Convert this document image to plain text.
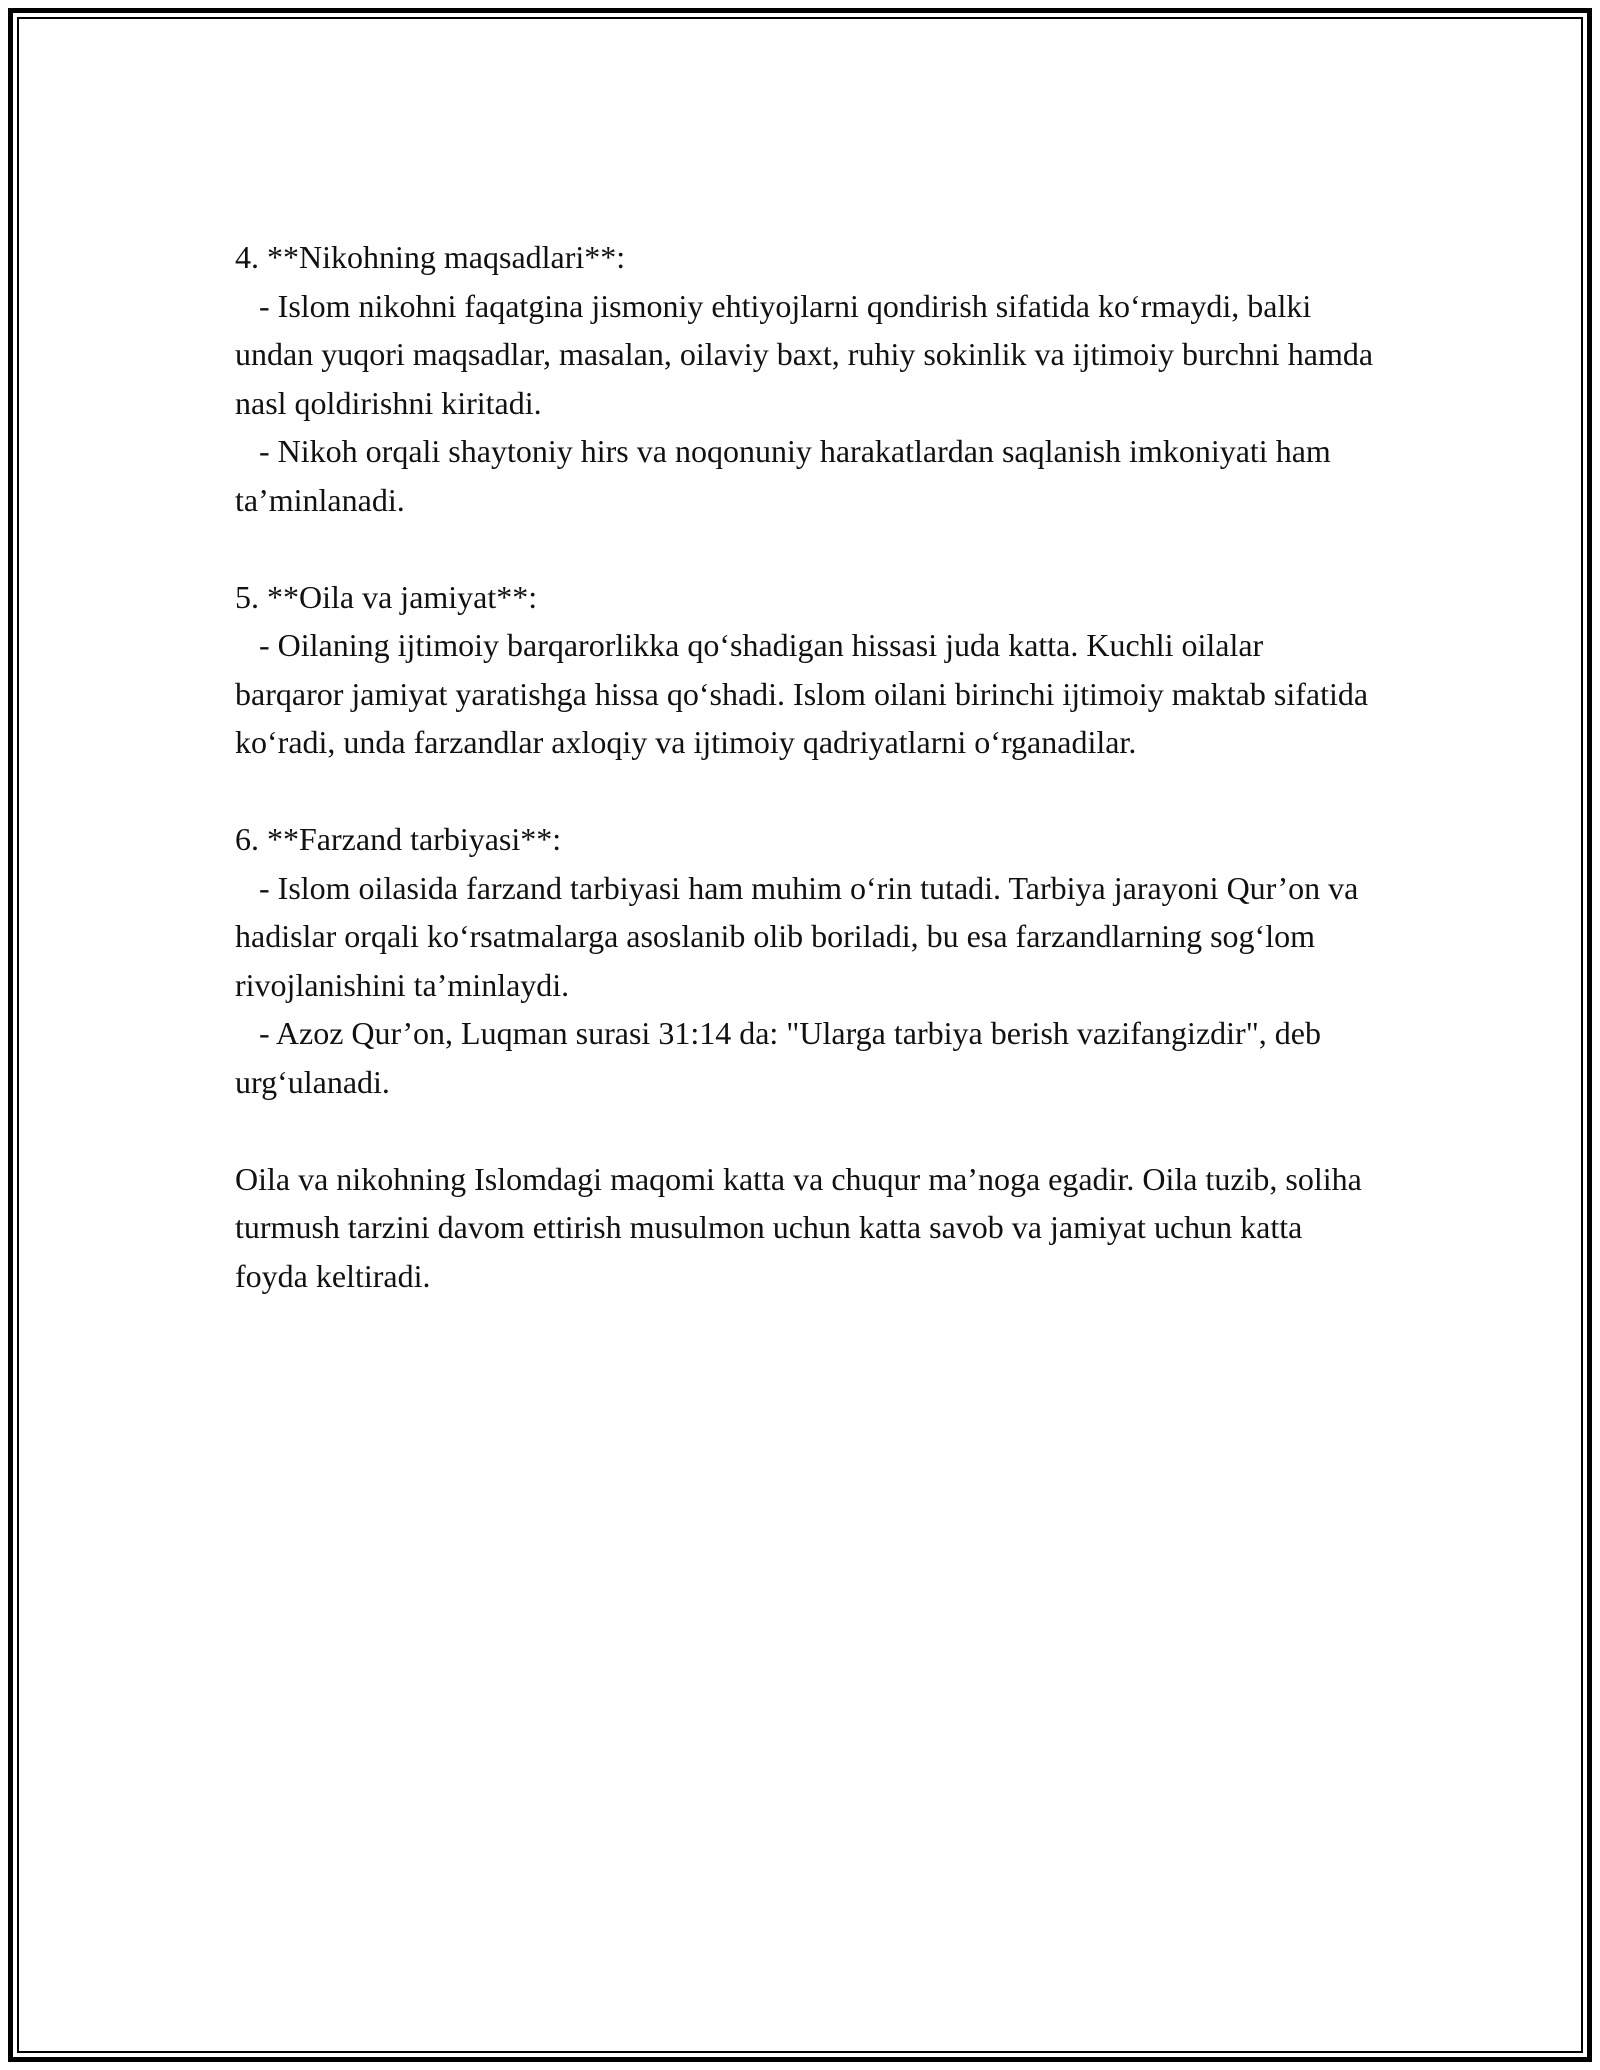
4. **Nikohning maqsadlari**:

- Islom nikohni faqatgina jismoniy ehtiyojlarni qondirish sifatida ko‘rmaydi, balki undan yuqori maqsadlar, masalan, oilaviy baxt, ruhiy sokinlik va ijtimoiy burchni hamda nasl qoldirishni kiritadi.

- Nikoh orqali shaytoniy hirs va noqonuniy harakatlardan saqlanish imkoniyati ham ta’minlanadi.

5. **Oila va jamiyat**:

- Oilaning ijtimoiy barqarorlikka qo‘shadigan hissasi juda katta. Kuchli oilalar barqaror jamiyat yaratishga hissa qo‘shadi. Islom oilani birinchi ijtimoiy maktab sifatida ko‘radi, unda farzandlar axloqiy va ijtimoiy qadriyatlarni o‘rganadilar.

6. **Farzand tarbiyasi**:

- Islom oilasida farzand tarbiyasi ham muhim o‘rin tutadi. Tarbiya jarayoni Qur’on va hadislar orqali ko‘rsatmalarga asoslanib olib boriladi, bu esa farzandlarning sog‘lom rivojlanishini ta’minlaydi.

- Azoz Qur’on, Luqman surasi 31:14 da: "Ularga tarbiya berish vazifangizdir", deb urg‘ulanadi.

Oila va nikohning Islomdagi maqomi katta va chuqur ma’noga egadir. Oila tuzib, soliha turmush tarzini davom ettirish musulmon uchun katta savob va jamiyat uchun katta foyda keltiradi.
